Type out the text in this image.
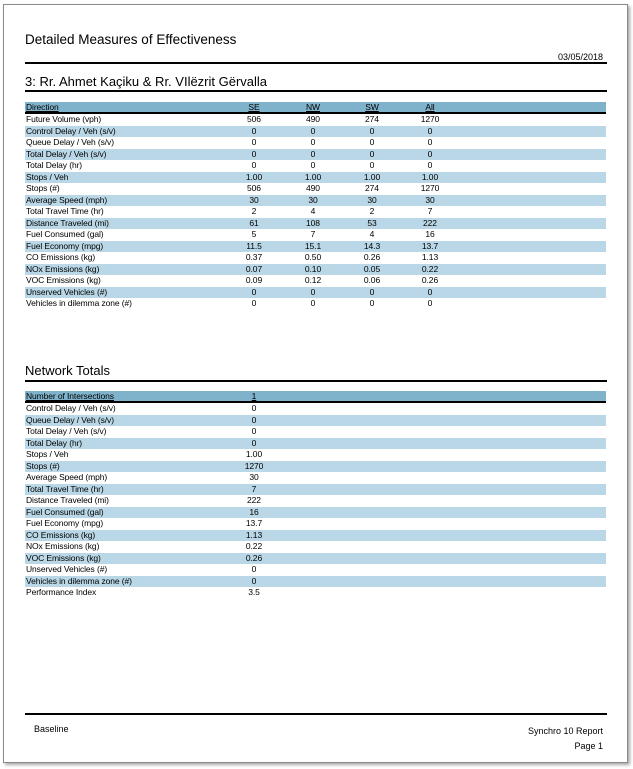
Detailed Measures of Effectiveness
03/05/2018
3: Rr. Ahmet Kaçiku & Rr. VIlëzrit Gërvalla
Direction	SE	NW	SW	All	
Future Volume (vph)	506	490	274	1270	
Control Delay / Veh (s/v)	0	0	0	0	
Queue Delay / Veh (s/v)	0	0	0	0	
Total Delay / Veh (s/v)	0	0	0	0	
Total Delay (hr)	0	0	0	0	
Stops / Veh	1.00	1.00	1.00	1.00	
Stops (#)	506	490	274	1270	
Average Speed (mph)	30	30	30	30	
Total Travel Time (hr)	2	4	2	7	
Distance Traveled (mi)	61	108	53	222	
Fuel Consumed (gal)	5	7	4	16	
Fuel Economy (mpg)	11.5	15.1	14.3	13.7	
CO Emissions (kg)	0.37	0.50	0.26	1.13	
NOx Emissions (kg)	0.07	0.10	0.05	0.22	
VOC Emissions (kg)	0.09	0.12	0.06	0.26	
Unserved Vehicles (#)	0	0	0	0	
Vehicles in dilemma zone (#)	0	0	0	0	
Network Totals
Number of Intersections	1	
Control Delay / Veh (s/v)	0	
Queue Delay / Veh (s/v)	0	
Total Delay / Veh (s/v)	0	
Total Delay (hr)	0	
Stops / Veh	1.00	
Stops (#)	1270	
Average Speed (mph)	30	
Total Travel Time (hr)	7	
Distance Traveled (mi)	222	
Fuel Consumed (gal)	16	
Fuel Economy (mpg)	13.7	
CO Emissions (kg)	1.13	
NOx Emissions (kg)	0.22	
VOC Emissions (kg)	0.26	
Unserved Vehicles (#)	0	
Vehicles in dilemma zone (#)	0	
Performance Index	3.5	
Baseline	Synchro 10 Report
Page 1
